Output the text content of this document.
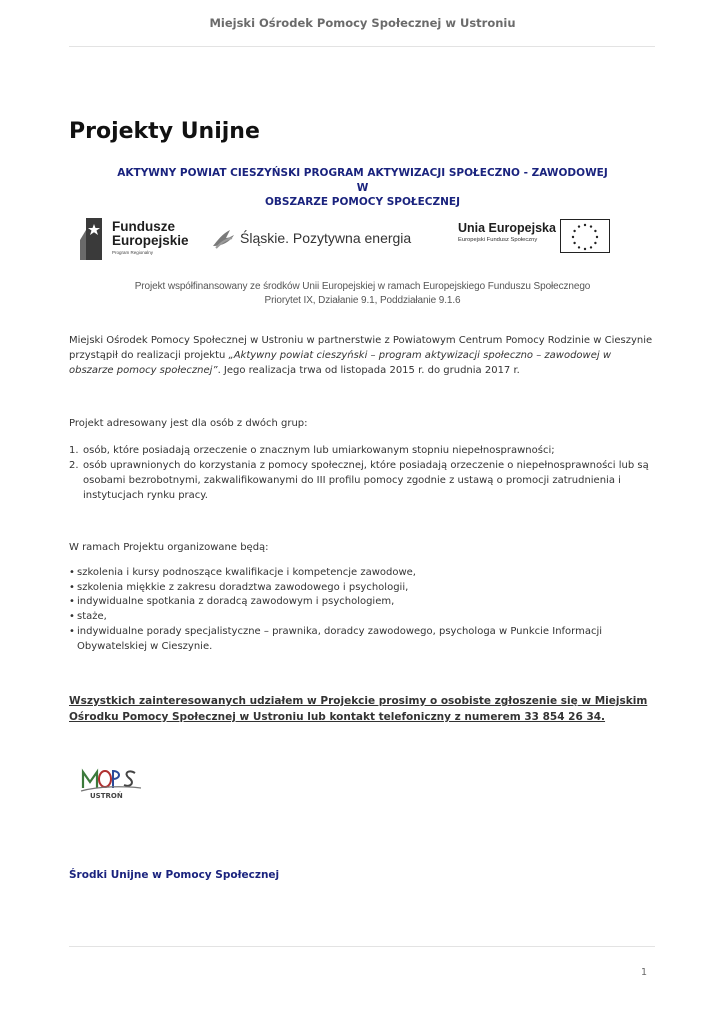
Miejski Ośrodek Pomocy Społecznej w Ustroniu
Projekty Unijne
AKTYWNY POWIAT CIESZYŃSKI PROGRAM AKTYWIZACJI SPOŁECZNO - ZAWODOWEJ W
OBSZARZE POMOCY SPOŁECZNEJ
Fundusze
Europejskie
Program Regionalny
Śląskie. Pozytywna energia
Unia Europejska
Europejski Fundusz Społeczny
Projekt współfinansowany ze środków Unii Europejskiej w ramach Europejskiego Funduszu Społecznego
Priorytet IX, Działanie 9.1, Poddziałanie 9.1.6

Miejski Ośrodek Pomocy Społecznej w Ustroniu w partnerstwie z Powiatowym Centrum Pomocy Rodzinie w Cieszynie przystąpił do realizacji projektu „Aktywny powiat cieszyński – program aktywizacji społeczno – zawodowej w obszarze pomocy społecznej”. Jego realizacja trwa od listopada 2015 r. do grudnia 2017 r.

Projekt adresowany jest dla osób z dwóch grup:

1. osób, które posiadają orzeczenie o znacznym lub umiarkowanym stopniu niepełnosprawności;
2. osób uprawnionych do korzystania z pomocy społecznej, które posiadają orzeczenie o niepełnosprawności lub są osobami bezrobotnymi, zakwalifikowanymi do III profilu pomocy zgodnie z ustawą o promocji zatrudnienia i instytucjach rynku pracy.

W ramach Projektu organizowane będą:

• szkolenia i kursy podnoszące kwalifikacje i kompetencje zawodowe,
• szkolenia miękkie z zakresu doradztwa zawodowego i psychologii,
• indywidualne spotkania z doradcą zawodowym i psychologiem,
• staże,
• indywidualne porady specjalistyczne – prawnika, doradcy zawodowego, psychologa w Punkcie Informacji Obywatelskiej w Cieszynie.

Wszystkich zainteresowanych udziałem w Projekcie prosimy o osobiste zgłoszenie się w Miejskim Ośrodku Pomocy Społecznej w Ustroniu lub kontakt telefoniczny z numerem 33 854 26 34.

USTROŃ
Środki Unijne w Pomocy Społecznej
1
